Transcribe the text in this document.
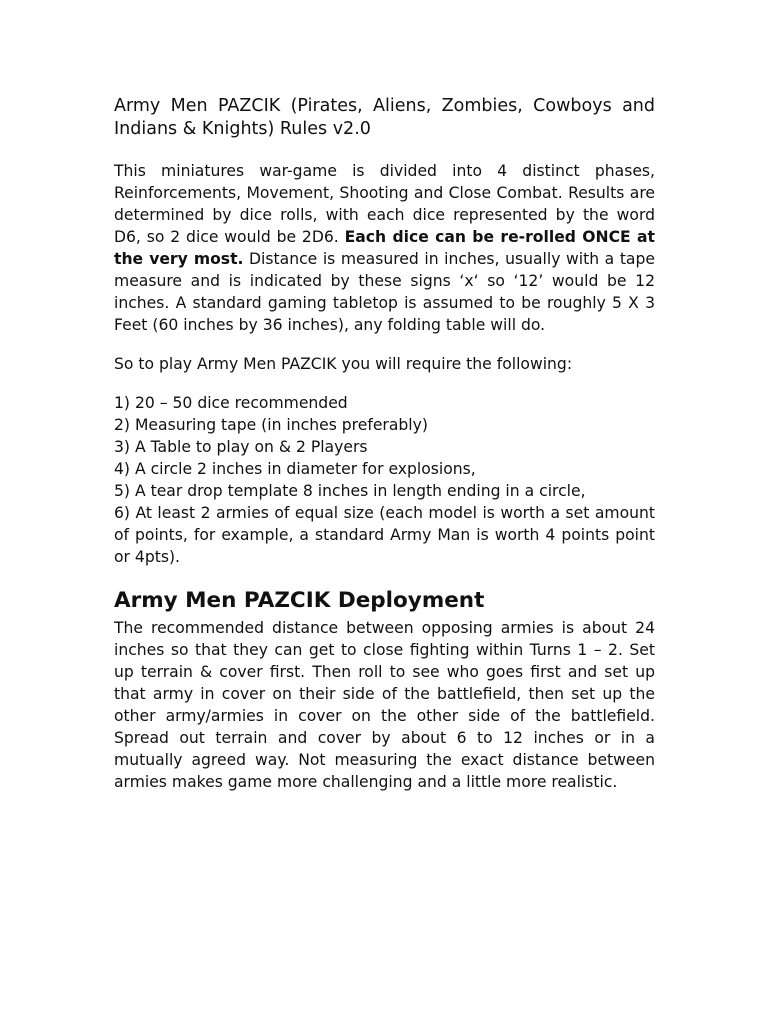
Army Men PAZCIK (Pirates, Aliens, Zombies, Cowboys and Indians & Knights) Rules v2.0

This miniatures war-game is divided into 4 distinct phases, Reinforcements, Movement, Shooting and Close Combat. Results are determined by dice rolls, with each dice represented by the word D6, so 2 dice would be 2D6. Each dice can be re-rolled ONCE at the very most. Distance is measured in inches, usually with a tape measure and is indicated by these signs ‘x‘ so ‘12’ would be 12 inches. A standard gaming tabletop is assumed to be roughly 5 X 3 Feet (60 inches by 36 inches), any folding table will do.

So to play Army Men PAZCIK you will require the following:

1) 20 – 50 dice recommended
2) Measuring tape (in inches preferably)
3) A Table to play on & 2 Players
4) A circle 2 inches in diameter for explosions,
5) A tear drop template 8 inches in length ending in a circle,
6) At least 2 armies of equal size (each model is worth a set amount of points, for example, a standard Army Man is worth 4 points point or 4pts).
Army Men PAZCIK Deployment

The recommended distance between opposing armies is about 24 inches so that they can get to close fighting within Turns 1 – 2. Set up terrain & cover first. Then roll to see who goes first and set up that army in cover on their side of the battlefield, then set up the other army/armies in cover on the other side of the battlefield. Spread out terrain and cover by about 6 to 12 inches or in a mutually agreed way. Not measuring the exact distance between armies makes game more challenging and a little more realistic.
